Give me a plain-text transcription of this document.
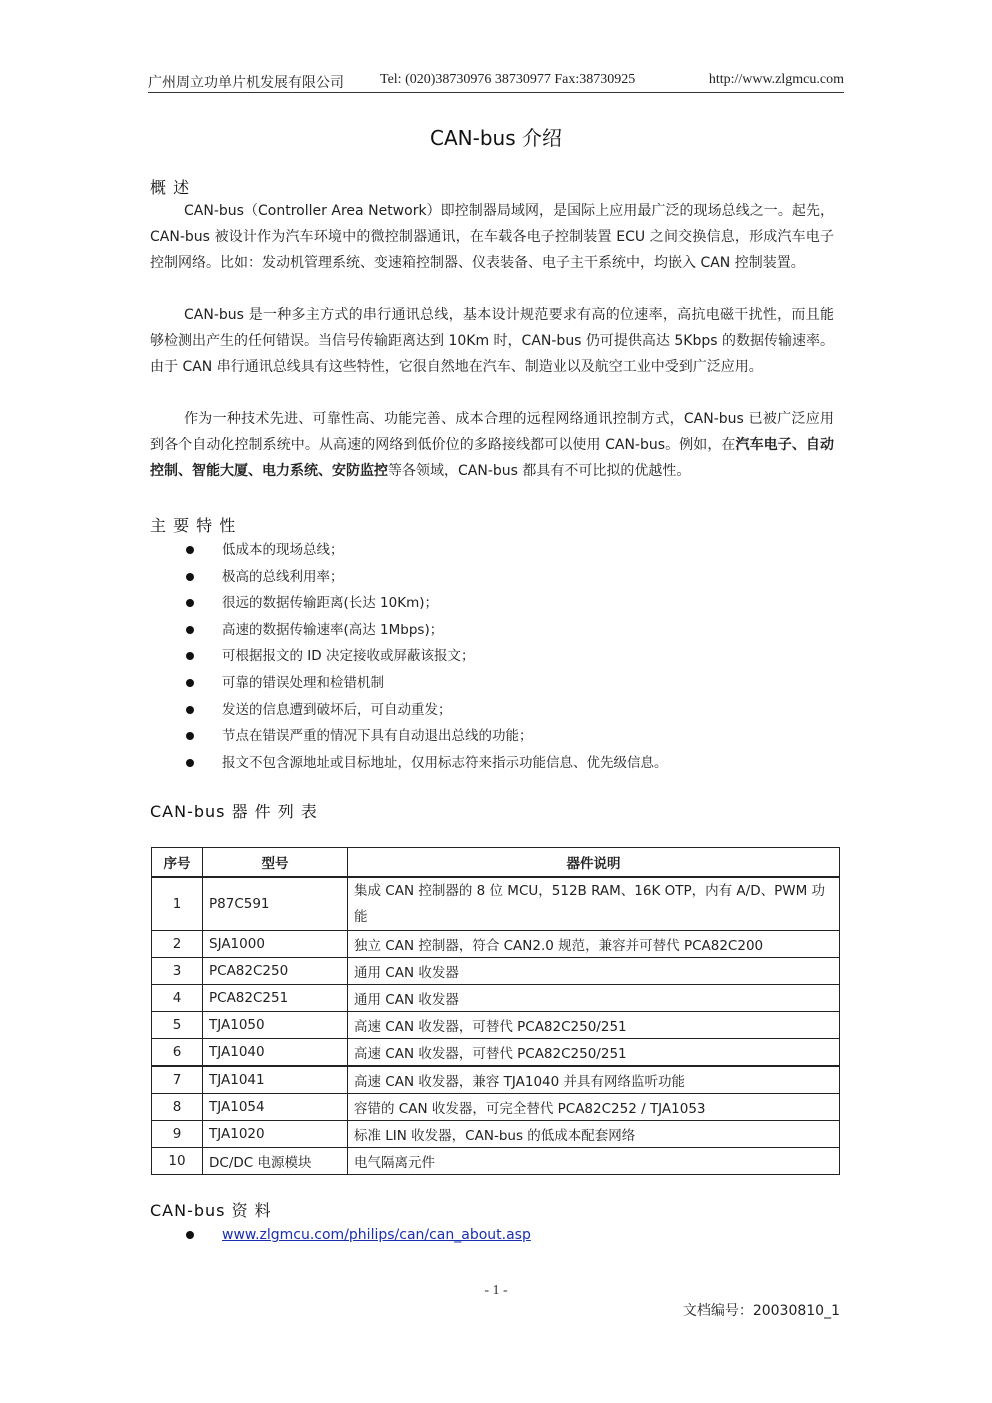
广州周立功单片机发展有限公司	Tel: (020)38730976 38730977 Fax:38730925	http://www.zlgmcu.com
CAN-bus 介绍
概 述

CAN-bus（Controller Area Network）即控制器局域网，是国际上应用最广泛的现场总线之一。起先，CAN-bus 被设计作为汽车环境中的微控制器通讯，在车载各电子控制装置 ECU 之间交换信息，形成汽车电子控制网络。比如：发动机管理系统、变速箱控制器、仪表装备、电子主干系统中，均嵌入 CAN 控制装置。

CAN-bus 是一种多主方式的串行通讯总线，基本设计规范要求有高的位速率，高抗电磁干扰性，而且能够检测出产生的任何错误。当信号传输距离达到 10Km 时，CAN-bus 仍可提供高达 5Kbps 的数据传输速率。由于 CAN 串行通讯总线具有这些特性，它很自然地在汽车、制造业以及航空工业中受到广泛应用。

作为一种技术先进、可靠性高、功能完善、成本合理的远程网络通讯控制方式，CAN-bus 已被广泛应用到各个自动化控制系统中。从高速的网络到低价位的多路接线都可以使用 CAN-bus。例如，在汽车电子、自动控制、智能大厦、电力系统、安防监控等各领域，CAN-bus 都具有不可比拟的优越性。

主 要 特 性
低成本的现场总线；
极高的总线利用率；
很远的数据传输距离(长达 10Km)；
高速的数据传输速率(高达 1Mbps)；
可根据报文的 ID 决定接收或屏蔽该报文；
可靠的错误处理和检错机制
发送的信息遭到破坏后，可自动重发；
节点在错误严重的情况下具有自动退出总线的功能；
报文不包含源地址或目标地址，仅用标志符来指示功能信息、优先级信息。
CAN-bus 器 件 列 表
序号	型号	器件说明
1	P87C591	集成 CAN 控制器的 8 位 MCU，512B RAM、16K OTP，内有 A/D、PWM 功能
2	SJA1000	独立 CAN 控制器，符合 CAN2.0 规范，兼容并可替代 PCA82C200
3	PCA82C250	通用 CAN 收发器
4	PCA82C251	通用 CAN 收发器
5	TJA1050	高速 CAN 收发器，可替代 PCA82C250/251
6	TJA1040	高速 CAN 收发器，可替代 PCA82C250/251
7	TJA1041	高速 CAN 收发器，兼容 TJA1040 并具有网络监听功能
8	TJA1054	容错的 CAN 收发器，可完全替代 PCA82C252 / TJA1053
9	TJA1020	标准 LIN 收发器，CAN-bus 的低成本配套网络
10	DC/DC 电源模块	电气隔离元件
CAN-bus 资 料
www.zlgmcu.com/philips/can/can_about.asp
- 1 -
文档编号：20030810_1
